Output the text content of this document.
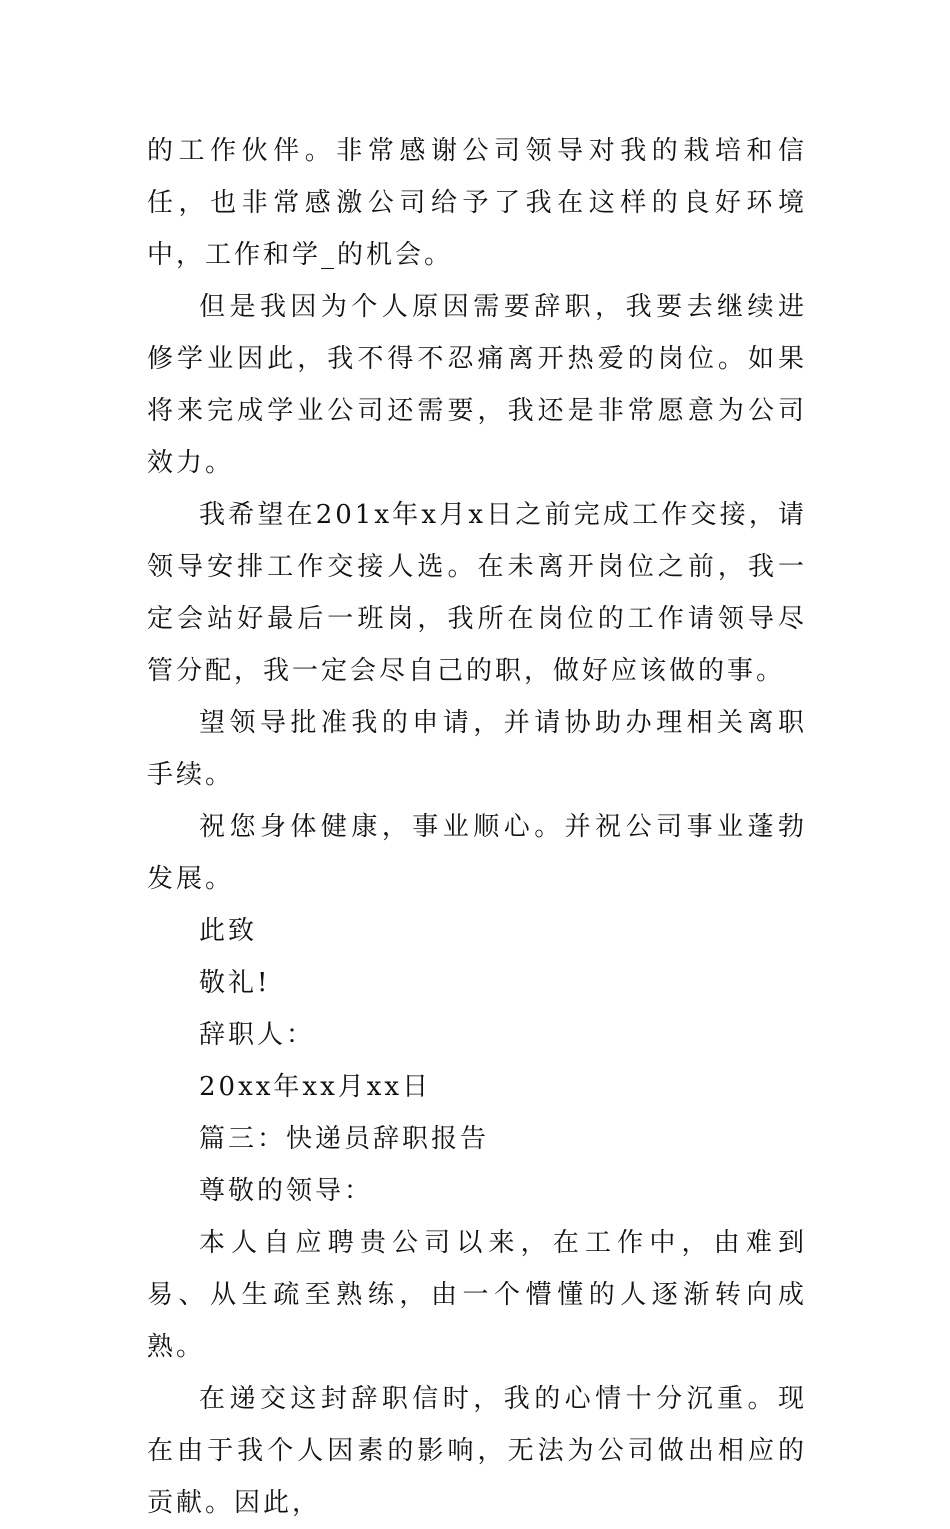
的工作伙伴。非常感谢公司领导对我的栽培和信任，也非常感激公司给予了我在这样的良好环境中，工作和学_的机会。

但是我因为个人原因需要辞职，我要去继续进修学业因此，我不得不忍痛离开热爱的岗位。如果将来完成学业公司还需要，我还是非常愿意为公司效力。

我希望在201x年x月x日之前完成工作交接，请领导安排工作交接人选。在未离开岗位之前，我一定会站好最后一班岗，我所在岗位的工作请领导尽管分配，我一定会尽自己的职，做好应该做的事。

望领导批准我的申请，并请协助办理相关离职手续。

祝您身体健康，事业顺心。并祝公司事业蓬勃发展。

此致

敬礼!

辞职人：

20xx年xx月xx日

篇三：快递员辞职报告

尊敬的领导：

本人自应聘贵公司以来，在工作中，由难到易、从生疏至熟练，由一个懵懂的人逐渐转向成熟。

在递交这封辞职信时，我的心情十分沉重。现在由于我个人因素的影响，无法为公司做出相应的贡献。因此，
